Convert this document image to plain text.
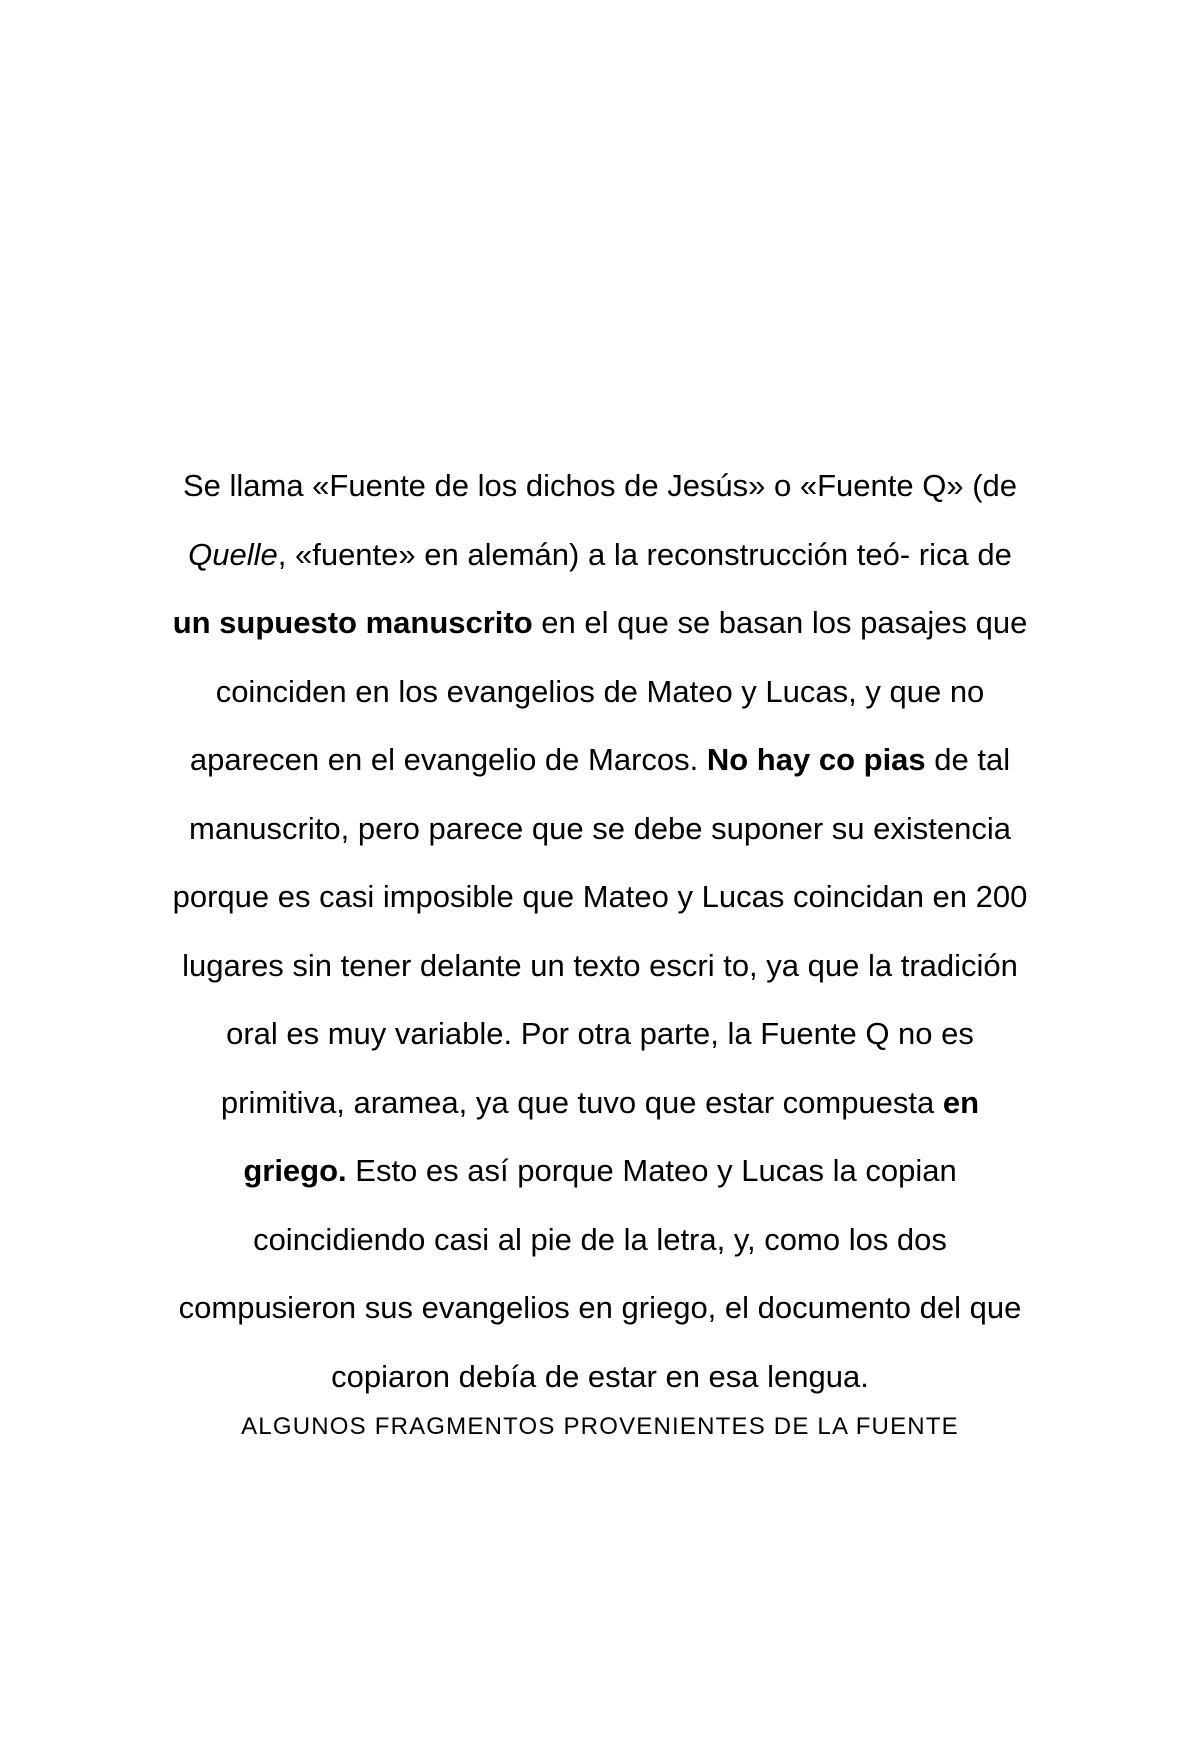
Se llama «Fuente de los dichos de Jesús» o «Fuente Q» (de
Quelle, «fuente» en alemán) a la reconstrucción teó- rica de
un supuesto manuscrito en el que se basan los pasajes que
coinciden en los evangelios de Mateo y Lucas, y que no
aparecen en el evangelio de Marcos. No hay co pias de tal
manuscrito, pero parece que se debe suponer su existencia
porque es casi imposible que Mateo y Lucas coincidan en 200
lugares sin tener delante un texto escri to, ya que la tradición
oral es muy variable. Por otra parte, la Fuente Q no es
primitiva, aramea, ya que tuvo que estar compuesta en
griego. Esto es así porque Mateo y Lucas la copian
coincidiendo casi al pie de la letra, y, como los dos
compusieron sus evangelios en griego, el documento del que
copiaron debía de estar en esa lengua.
ALGUNOS FRAGMENTOS PROVENIENTES DE LA FUENTE
